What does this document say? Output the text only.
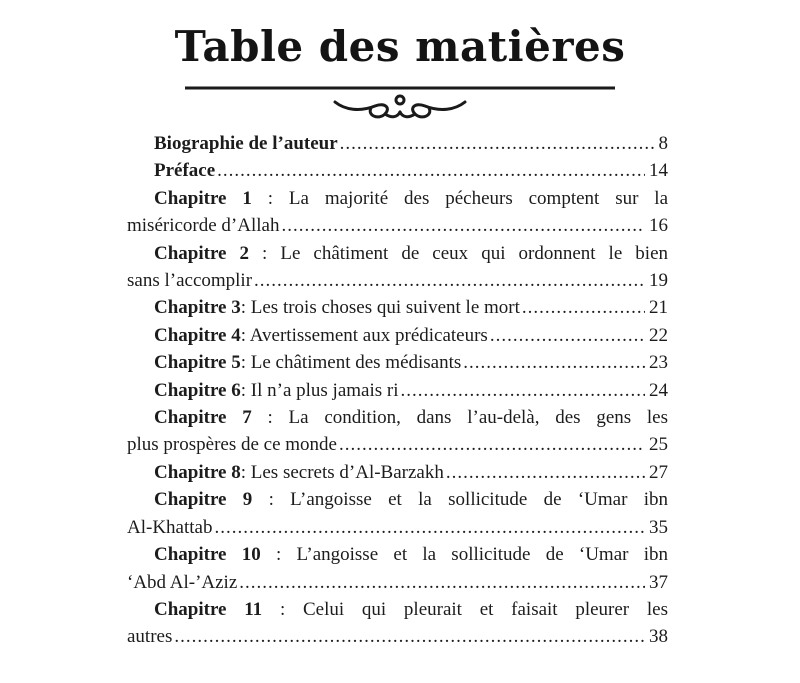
Table des matières
Biographie de l’auteur .....	8
Préface .....	14
Chapitre 1 : La majorité des pécheurs comptent sur la
miséricorde d’Allah .....	16
Chapitre 2 : Le châtiment de ceux qui ordonnent le bien
sans l’accomplir .....	19
Chapitre 3 : Les trois choses qui suivent le mort .....	21
Chapitre 4 : Avertissement aux prédicateurs .....	22
Chapitre 5 : Le châtiment des médisants .....	23
Chapitre 6 : Il n’a plus jamais ri .....	24
Chapitre 7 : La condition, dans l’au-delà, des gens les
plus prospères de ce monde .....	25
Chapitre 8 : Les secrets d’Al-Barzakh .....	27
Chapitre 9 : L’angoisse et la sollicitude de ‘Umar ibn
Al-Khattab .....	35
Chapitre 10 : L’angoisse et la sollicitude de ‘Umar ibn
‘Abd Al-’Aziz .....	37
Chapitre 11 : Celui qui pleurait et faisait pleurer les
autres .....	38
